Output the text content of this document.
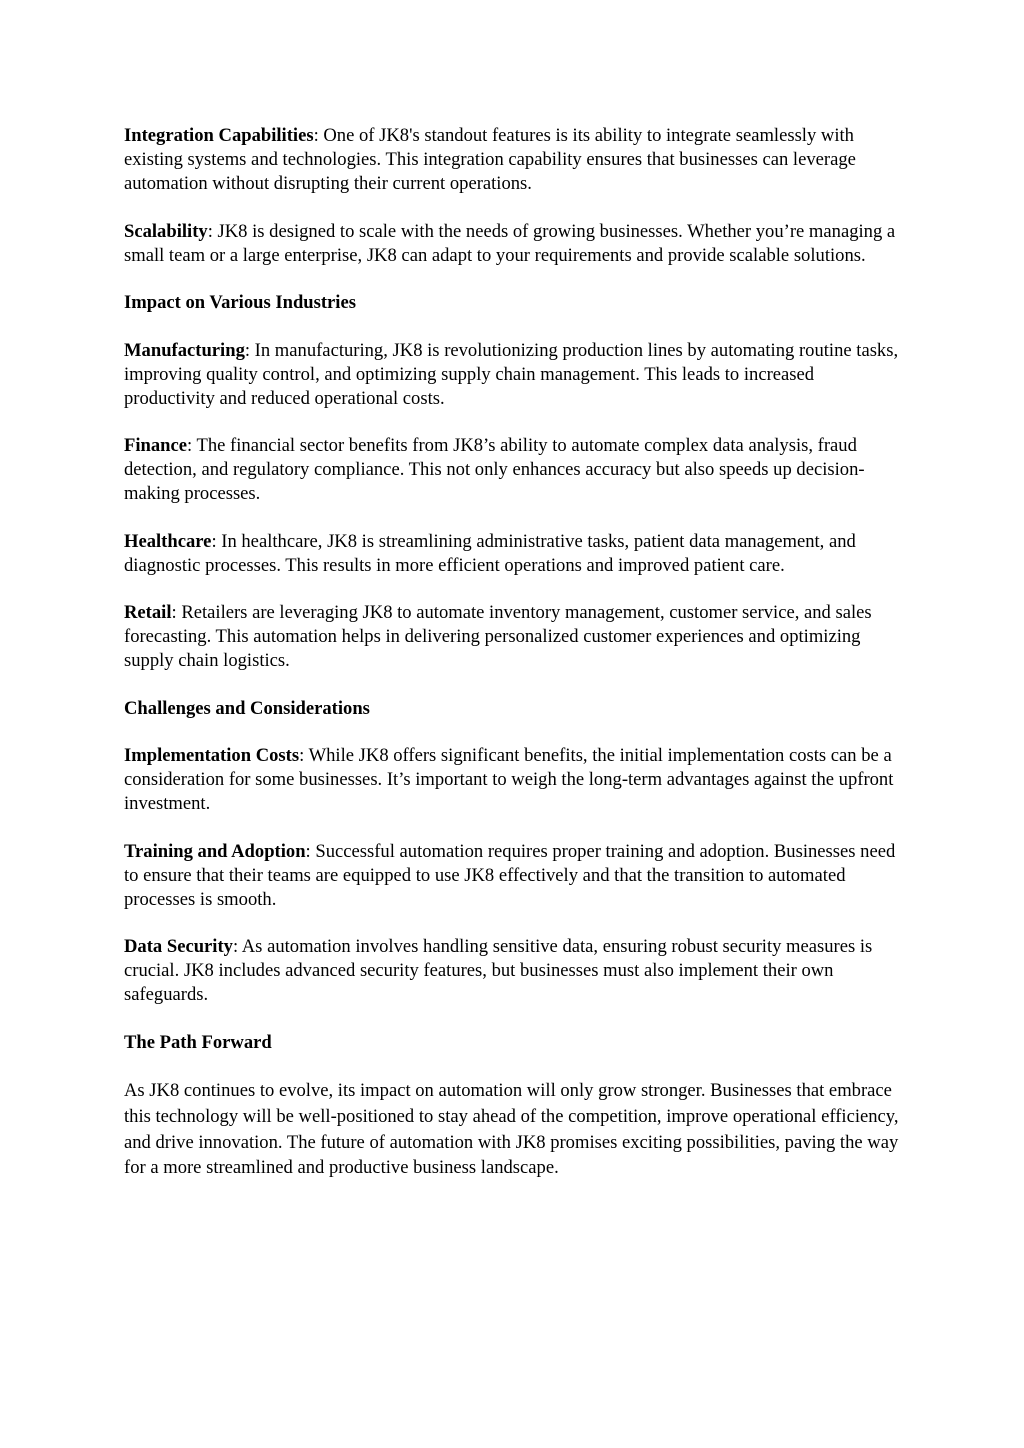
Integration Capabilities: One of JK8's standout features is its ability to integrate seamlessly with existing systems and technologies. This integration capability ensures that businesses can leverage automation without disrupting their current operations.

Scalability: JK8 is designed to scale with the needs of growing businesses. Whether you’re managing a small team or a large enterprise, JK8 can adapt to your requirements and provide scalable solutions.

Impact on Various Industries

Manufacturing: In manufacturing, JK8 is revolutionizing production lines by automating routine tasks, improving quality control, and optimizing supply chain management. This leads to increased productivity and reduced operational costs.

Finance: The financial sector benefits from JK8’s ability to automate complex data analysis, fraud detection, and regulatory compliance. This not only enhances accuracy but also speeds up decision-making processes.

Healthcare: In healthcare, JK8 is streamlining administrative tasks, patient data management, and diagnostic processes. This results in more efficient operations and improved patient care.

Retail: Retailers are leveraging JK8 to automate inventory management, customer service, and sales forecasting. This automation helps in delivering personalized customer experiences and optimizing supply chain logistics.

Challenges and Considerations

Implementation Costs: While JK8 offers significant benefits, the initial implementation costs can be a consideration for some businesses. It’s important to weigh the long-term advantages against the upfront investment.

Training and Adoption: Successful automation requires proper training and adoption. Businesses need to ensure that their teams are equipped to use JK8 effectively and that the transition to automated processes is smooth.

Data Security: As automation involves handling sensitive data, ensuring robust security measures is crucial. JK8 includes advanced security features, but businesses must also implement their own safeguards.

The Path Forward

As JK8 continues to evolve, its impact on automation will only grow stronger. Businesses that embrace this technology will be well-positioned to stay ahead of the competition, improve operational efficiency, and drive innovation. The future of automation with JK8 promises exciting possibilities, paving the way for a more streamlined and productive business landscape.
